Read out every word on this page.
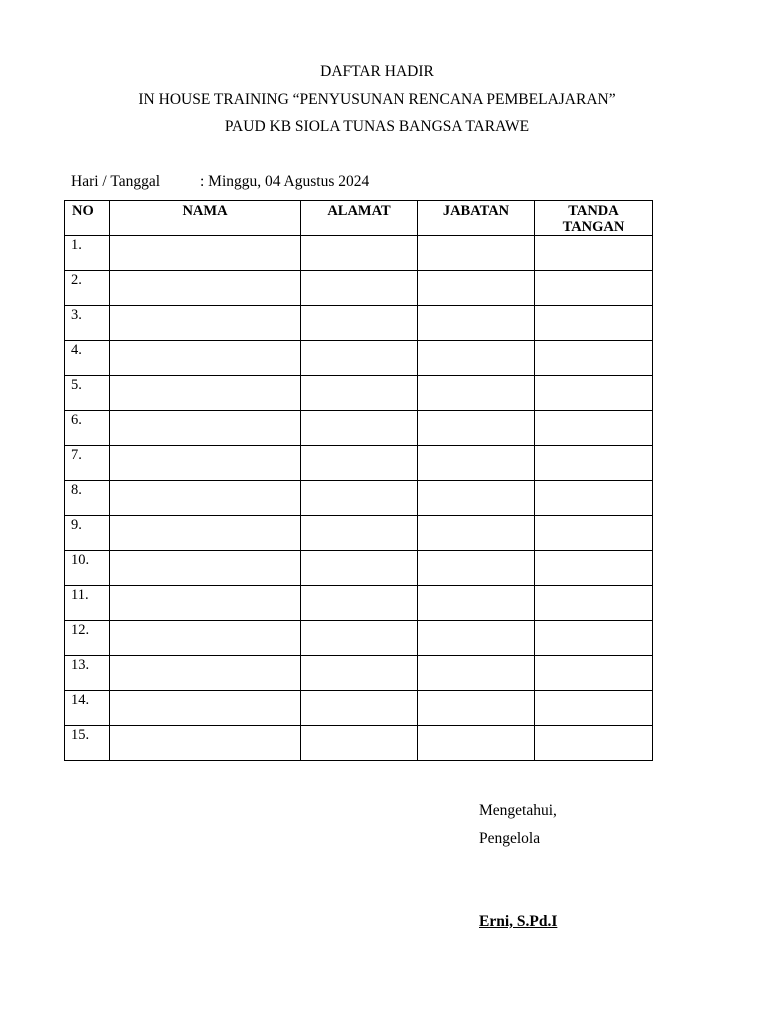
DAFTAR HADIR
IN HOUSE TRAINING “PENYUSUNAN RENCANA PEMBELAJARAN”
PAUD KB SIOLA TUNAS BANGSA TARAWE
Hari / Tanggal	: Minggu, 04 Agustus 2024
NO	NAMA	ALAMAT	JABATAN	TANDA
TANGAN
1.				
2.				
3.				
4.				
5.				
6.				
7.				
8.				
9.				
10.				
11.				
12.				
13.				
14.				
15.				
Mengetahui,
Pengelola
Erni, S.Pd.I
